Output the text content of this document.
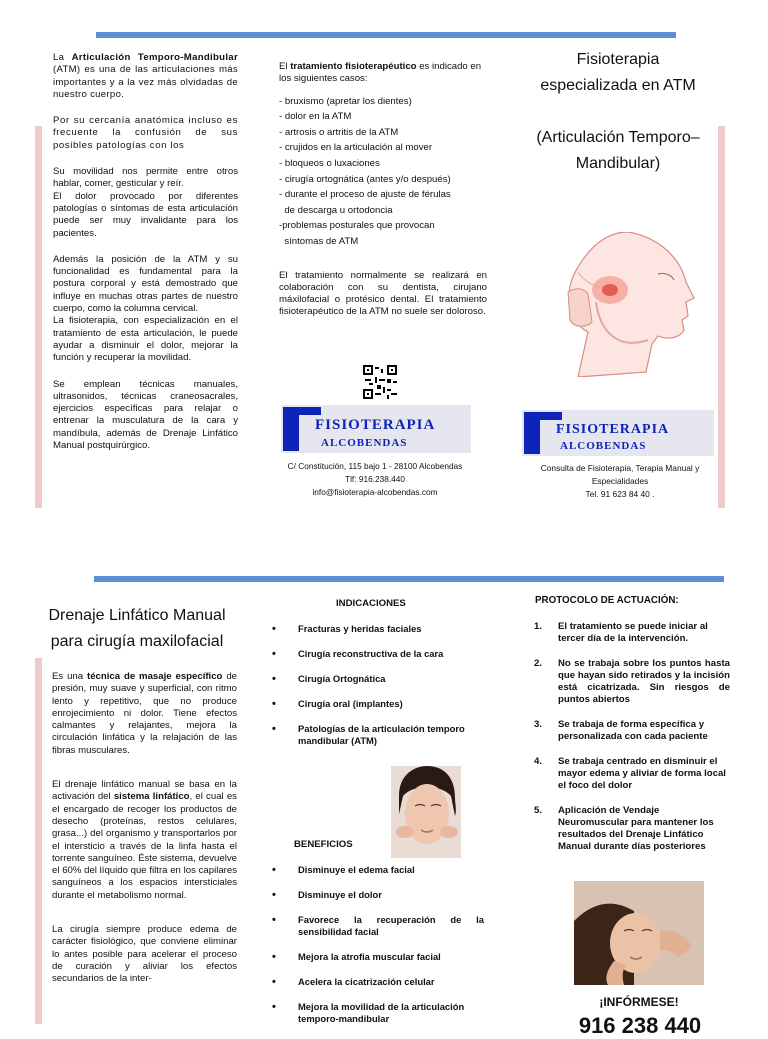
La Articulación Temporo-Mandibular (ATM) es una de las articulaciones más importantes y a la vez más olvidadas de nuestro cuerpo.

Por su cercanía anatómica incluso es frecuente la confusión de sus posibles patologías con los

Su movilidad nos permite entre otros hablar, comer, gesticular y reír.

El dolor provocado por diferentes patologías o síntomas de esta articulación puede ser muy invalidante para los pacientes.

Además la posición de la ATM y su funcionalidad es fundamental para la postura corporal y está demostrado que influye en muchas otras partes de nuestro cuerpo, como la columna cervical.

La fisioterapia, con especialización en el tratamiento de esta articulación, le puede ayudar a disminuir el dolor, mejorar la función y recuperar la movilidad.

Se emplean técnicas manuales, ultrasonidos, técnicas craneosacrales, ejercicios específicas para relajar o entrenar la musculatura de la cara y mandíbula, además de Drenaje Linfático Manual postquirúrgico.

El tratamiento fisioterapéutico es indicado en los siguientes casos:

- bruxismo (apretar los dientes)
- dolor en la ATM
- artrosis o artritis de la ATM
- crujidos en la articulación al mover
- bloqueos o luxaciones
- cirugía ortognática (antes y/o después)
- durante el proceso de ajuste de férulas
de descarga u ortodoncia
-problemas posturales que provocan
síntomas de ATM

El tratamiento normalmente se realizará en colaboración con su dentista, cirujano máxilofacial o protésico dental. El tratamiento fisioterapéutico de la ATM no suele ser doloroso.

FISIOTERAPIA
ALCOBENDAS
C/ Constitución, 115 bajo 1 - 28100 Alcobendas
Tlf: 916.238.440
info@fisioterapia-alcobendas.com
Fisioterapia
especializada en ATM
(Articulación Temporo–
Mandibular)
FISIOTERAPIA
ALCOBENDAS
Consulta de Fisioterapia, Terapia Manual y
Especialidades
Tel. 91 623 84 40 .
Drenaje Linfático Manual
para cirugía maxilofacial

Es una técnica de masaje específico de presión, muy suave y superficial, con ritmo lento y repetitivo, que no produce enrojecimiento ni dolor. Tiene efectos calmantes y relajantes, mejora la circulación linfática y la relajación de las fibras musculares.

El drenaje linfático manual se basa en la activación del sistema linfático, el cual es el encargado de recoger los productos de desecho (proteínas, restos celulares, grasa...) del organismo y transportarlos por el intersticio a través de la linfa hasta el torrente sanguíneo. Éste sistema, devuelve el 60% del líquido que filtra en los capilares sanguíneos a los espacios intersticiales durante el metabolismo normal.

La cirugía siempre produce edema de carácter fisiológico, que conviene eliminar lo antes posible para acelerar el proceso de curación y aliviar los efectos secundarios de la inter-

INDICACIONES
• Fracturas y heridas faciales
• Cirugía reconstructiva de la cara
• Cirugía Ortognática
• Cirugía oral (implantes)
• Patologías de la articulación temporo mandibular (ATM)
BENEFICIOS
• Disminuye el edema facial
• Disminuye el dolor
• Favorece la recuperación de la sensibilidad facial
• Mejora la atrofia muscular facial
• Acelera la cicatrización celular
• Mejora la movilidad de la articulación temporo-mandibular
PROTOCOLO DE ACTUACIÓN:
1. El tratamiento se puede iniciar al tercer día de la intervención.
2. No se trabaja sobre los puntos hasta que hayan sido retirados y la incisión está cicatrizada. Sin riesgos de puntos abiertos
3. Se trabaja de forma específica y personalizada con cada paciente
4. Se trabaja centrado en disminuir el mayor edema y aliviar de forma local el foco del dolor
5. Aplicación de Vendaje Neuromuscular para mantener los resultados del Drenaje Linfático Manual durante días posteriores
¡INFÓRMESE!
916 238 440
